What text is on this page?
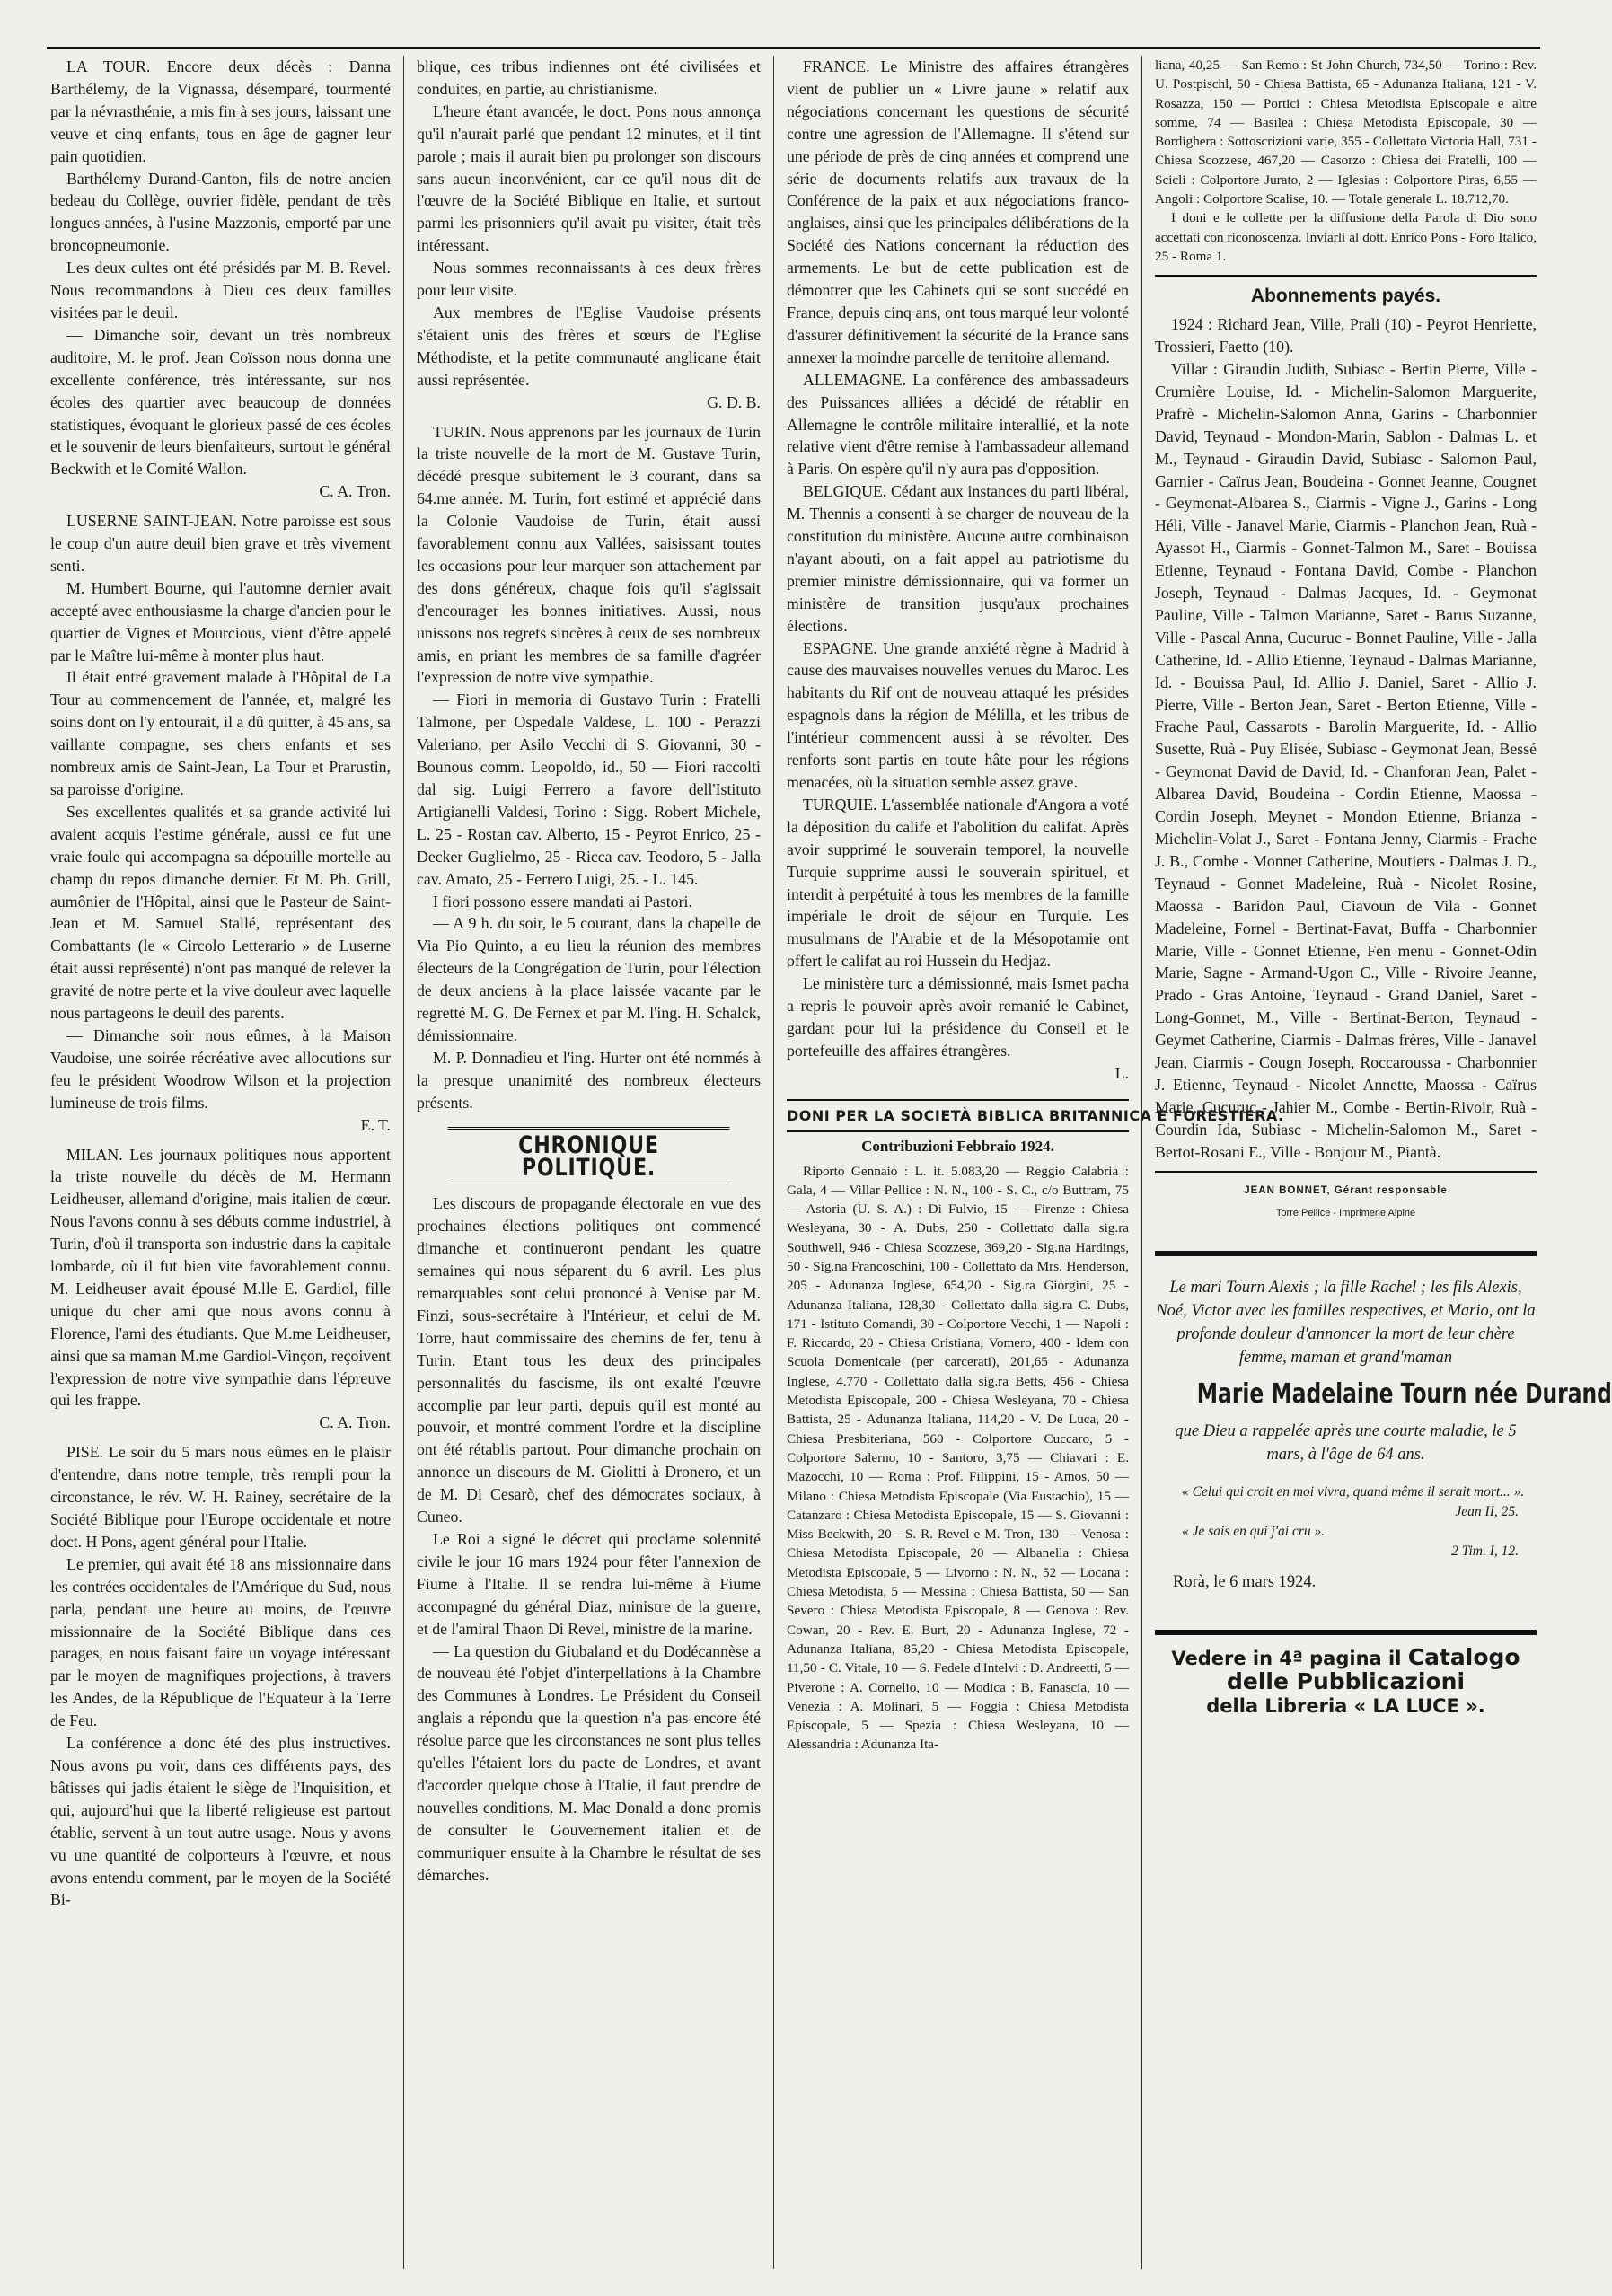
LA TOUR. Encore deux décès : Danna Barthélemy, de la Vignassa, désemparé, tourmenté par la névrasthénie, a mis fin à ses jours, laissant une veuve et cinq enfants, tous en âge de gagner leur pain quotidien.

Barthélemy Durand-Canton, fils de notre ancien bedeau du Collège, ouvrier fidèle, pendant de très longues années, à l'usine Mazzonis, emporté par une broncopneumonie.

Les deux cultes ont été présidés par M. B. Revel. Nous recommandons à Dieu ces deux familles visitées par le deuil.

— Dimanche soir, devant un très nombreux auditoire, M. le prof. Jean Coïsson nous donna une excellente conférence, très intéressante, sur nos écoles des quartier avec beaucoup de données statistiques, évoquant le glorieux passé de ces écoles et le souvenir de leurs bienfaiteurs, surtout le général Beckwith et le Comité Wallon.

C. A. Tron.

LUSERNE SAINT-JEAN. Notre paroisse est sous le coup d'un autre deuil bien grave et très vivement senti.

M. Humbert Bourne, qui l'automne dernier avait accepté avec enthousiasme la charge d'ancien pour le quartier de Vignes et Mourcious, vient d'être appelé par le Maître lui-même à monter plus haut.

Il était entré gravement malade à l'Hôpital de La Tour au commencement de l'année, et, malgré les soins dont on l'y entourait, il a dû quitter, à 45 ans, sa vaillante compagne, ses chers enfants et ses nombreux amis de Saint-Jean, La Tour et Prarustin, sa paroisse d'origine.

Ses excellentes qualités et sa grande activité lui avaient acquis l'estime générale, aussi ce fut une vraie foule qui accompagna sa dépouille mortelle au champ du repos dimanche dernier. Et M. Ph. Grill, aumônier de l'Hôpital, ainsi que le Pasteur de Saint-Jean et M. Samuel Stallé, représentant des Combattants (le « Circolo Letterario » de Luserne était aussi représenté) n'ont pas manqué de relever la gravité de notre perte et la vive douleur avec laquelle nous partageons le deuil des parents.

— Dimanche soir nous eûmes, à la Maison Vaudoise, une soirée récréative avec allocutions sur feu le président Woodrow Wilson et la projection lumineuse de trois films.

E. T.

MILAN. Les journaux politiques nous apportent la triste nouvelle du décès de M. Hermann Leidheuser, allemand d'origine, mais italien de cœur. Nous l'avons connu à ses débuts comme industriel, à Turin, d'où il transporta son industrie dans la capitale lombarde, où il fut bien vite favorablement connu. M. Leidheuser avait épousé M.lle E. Gardiol, fille unique du cher ami que nous avons connu à Florence, l'ami des étudiants. Que M.me Leidheuser, ainsi que sa maman M.me Gardiol-Vinçon, reçoivent l'expression de notre vive sympathie dans l'épreuve qui les frappe.

C. A. Tron.

PISE. Le soir du 5 mars nous eûmes en le plaisir d'entendre, dans notre temple, très rempli pour la circonstance, le rév. W. H. Rainey, secrétaire de la Société Biblique pour l'Europe occidentale et notre doct. H Pons, agent général pour l'Italie.

Le premier, qui avait été 18 ans missionnaire dans les contrées occidentales de l'Amérique du Sud, nous parla, pendant une heure au moins, de l'œuvre missionnaire de la Société Biblique dans ces parages, en nous faisant faire un voyage intéressant par le moyen de magnifiques projections, à travers les Andes, de la République de l'Equateur à la Terre de Feu.

La conférence a donc été des plus instructives. Nous avons pu voir, dans ces différents pays, des bâtisses qui jadis étaient le siège de l'Inquisition, et qui, aujourd'hui que la liberté religieuse est partout établie, servent à un tout autre usage. Nous y avons vu une quantité de colporteurs à l'œuvre, et nous avons entendu comment, par le moyen de la Société Bi-

blique, ces tribus indiennes ont été civilisées et conduites, en partie, au christianisme.

L'heure étant avancée, le doct. Pons nous annonça qu'il n'aurait parlé que pendant 12 minutes, et il tint parole ; mais il aurait bien pu prolonger son discours sans aucun inconvénient, car ce qu'il nous dit de l'œuvre de la Société Biblique en Italie, et surtout parmi les prisonniers qu'il avait pu visiter, était très intéressant.

Nous sommes reconnaissants à ces deux frères pour leur visite.

Aux membres de l'Eglise Vaudoise présents s'étaient unis des frères et sœurs de l'Eglise Méthodiste, et la petite communauté anglicane était aussi représentée.

G. D. B.

TURIN. Nous apprenons par les journaux de Turin la triste nouvelle de la mort de M. Gustave Turin, décédé presque subitement le 3 courant, dans sa 64.me année. M. Turin, fort estimé et apprécié dans la Colonie Vaudoise de Turin, était aussi favorablement connu aux Vallées, saisissant toutes les occasions pour leur marquer son attachement par des dons généreux, chaque fois qu'il s'agissait d'encourager les bonnes initiatives. Aussi, nous unissons nos regrets sincères à ceux de ses nombreux amis, en priant les membres de sa famille d'agréer l'expression de notre vive sympathie.

— Fiori in memoria di Gustavo Turin : Fratelli Talmone, per Ospedale Valdese, L. 100 - Perazzi Valeriano, per Asilo Vecchi di S. Giovanni, 30 - Bounous comm. Leopoldo, id., 50 — Fiori raccolti dal sig. Luigi Ferrero a favore dell'Istituto Artigianelli Valdesi, Torino : Sigg. Robert Michele, L. 25 - Rostan cav. Alberto, 15 - Peyrot Enrico, 25 - Decker Guglielmo, 25 - Ricca cav. Teodoro, 5 - Jalla cav. Amato, 25 - Ferrero Luigi, 25. - L. 145.

I fiori possono essere mandati ai Pastori.

— A 9 h. du soir, le 5 courant, dans la chapelle de Via Pio Quinto, a eu lieu la réunion des membres électeurs de la Congrégation de Turin, pour l'élection de deux anciens à la place laissée vacante par le regretté M. G. De Fernex et par M. l'ing. H. Schalck, démissionnaire.

M. P. Donnadieu et l'ing. Hurter ont été nommés à la presque unanimité des nombreux électeurs présents.

CHRONIQUE POLITIQUE.

Les discours de propagande électorale en vue des prochaines élections politiques ont commencé dimanche et continueront pendant les quatre semaines qui nous séparent du 6 avril. Les plus remarquables sont celui prononcé à Venise par M. Finzi, sous-secrétaire à l'Intérieur, et celui de M. Torre, haut commissaire des chemins de fer, tenu à Turin. Etant tous les deux des principales personnalités du fascisme, ils ont exalté l'œuvre accomplie par leur parti, depuis qu'il est monté au pouvoir, et montré comment l'ordre et la discipline ont été rétablis partout. Pour dimanche prochain on annonce un discours de M. Giolitti à Dronero, et un de M. Di Cesarò, chef des démocrates sociaux, à Cuneo.

Le Roi a signé le décret qui proclame solennité civile le jour 16 mars 1924 pour fêter l'annexion de Fiume à l'Italie. Il se rendra lui-même à Fiume accompagné du général Diaz, ministre de la guerre, et de l'amiral Thaon Di Revel, ministre de la marine.

— La question du Giubaland et du Dodécannèse a de nouveau été l'objet d'interpellations à la Chambre des Communes à Londres. Le Président du Conseil anglais a répondu que la question n'a pas encore été résolue parce que les circonstances ne sont plus telles qu'elles l'étaient lors du pacte de Londres, et avant d'accorder quelque chose à l'Italie, il faut prendre de nouvelles conditions. M. Mac Donald a donc promis de consulter le Gouvernement italien et de communiquer ensuite à la Chambre le résultat de ses démarches.

FRANCE. Le Ministre des affaires étrangères vient de publier un « Livre jaune » relatif aux négociations concernant les questions de sécurité contre une agression de l'Allemagne. Il s'étend sur une période de près de cinq années et comprend une série de documents relatifs aux travaux de la Conférence de la paix et aux négociations franco-anglaises, ainsi que les principales délibérations de la Société des Nations concernant la réduction des armements. Le but de cette publication est de démontrer que les Cabinets qui se sont succédé en France, depuis cinq ans, ont tous marqué leur volonté d'assurer définitivement la sécurité de la France sans annexer la moindre parcelle de territoire allemand.

ALLEMAGNE. La conférence des ambassadeurs des Puissances alliées a décidé de rétablir en Allemagne le contrôle militaire interallié, et la note relative vient d'être remise à l'ambassadeur allemand à Paris. On espère qu'il n'y aura pas d'opposition.

BELGIQUE. Cédant aux instances du parti libéral, M. Thennis a consenti à se charger de nouveau de la constitution du ministère. Aucune autre combinaison n'ayant abouti, on a fait appel au patriotisme du premier ministre démissionnaire, qui va former un ministère de transition jusqu'aux prochaines élections.

ESPAGNE. Une grande anxiété règne à Madrid à cause des mauvaises nouvelles venues du Maroc. Les habitants du Rif ont de nouveau attaqué les présides espagnols dans la région de Mélilla, et les tribus de l'intérieur commencent aussi à se révolter. Des renforts sont partis en toute hâte pour les régions menacées, où la situation semble assez grave.

TURQUIE. L'assemblée nationale d'Angora a voté la déposition du calife et l'abolition du califat. Après avoir supprimé le souverain temporel, la nouvelle Turquie supprime aussi le souverain spirituel, et interdit à perpétuité à tous les membres de la famille impériale le droit de séjour en Turquie. Les musulmans de l'Arabie et de la Mésopotamie ont offert le califat au roi Hussein du Hedjaz.

Le ministère turc a démissionné, mais Ismet pacha a repris le pouvoir après avoir remanié le Cabinet, gardant pour lui la présidence du Conseil et le portefeuille des affaires étrangères.

L.

DONI PER LA SOCIETÀ BIBLICA BRITANNICA E FORESTIERA.

Contribuzioni Febbraio 1924.

Riporto Gennaio : L. it. 5.083,20 — Reggio Calabria : Gala, 4 — Villar Pellice : N. N., 100 - S. C., c/o Buttram, 75 — Astoria (U. S. A.) : Di Fulvio, 15 — Firenze : Chiesa Wesleyana, 30 - A. Dubs, 250 - Collettato dalla sig.ra Southwell, 946 - Chiesa Scozzese, 369,20 - Sig.na Hardings, 50 - Sig.na Francoschini, 100 - Collettato da Mrs. Henderson, 205 - Adunanza Inglese, 654,20 - Sig.ra Giorgini, 25 - Adunanza Italiana, 128,30 - Collettato dalla sig.ra C. Dubs, 171 - Istituto Comandi, 30 - Colportore Vecchi, 1 — Napoli : F. Riccardo, 20 - Chiesa Cristiana, Vomero, 400 - Idem con Scuola Domenicale (per carcerati), 201,65 - Adunanza Inglese, 4.770 - Collettato dalla sig.ra Betts, 456 - Chiesa Metodista Episcopale, 200 - Chiesa Wesleyana, 70 - Chiesa Battista, 25 - Adunanza Italiana, 114,20 - V. De Luca, 20 - Chiesa Presbiteriana, 560 - Colportore Cuccaro, 5 - Colportore Salerno, 10 - Santoro, 3,75 — Chiavari : E. Mazocchi, 10 — Roma : Prof. Filippini, 15 - Amos, 50 — Milano : Chiesa Metodista Episcopale (Via Eustachio), 15 — Catanzaro : Chiesa Metodista Episcopale, 15 — S. Giovanni : Miss Beckwith, 20 - S. R. Revel e M. Tron, 130 — Venosa : Chiesa Metodista Episcopale, 20 — Albanella : Chiesa Metodista Episcopale, 5 — Livorno : N. N., 52 — Locana : Chiesa Metodista, 5 — Messina : Chiesa Battista, 50 — San Severo : Chiesa Metodista Episcopale, 8 — Genova : Rev. Cowan, 20 - Rev. E. Burt, 20 - Adunanza Inglese, 72 - Adunanza Italiana, 85,20 - Chiesa Metodista Episcopale, 11,50 - C. Vitale, 10 — S. Fedele d'Intelvi : D. Andreetti, 5 — Piverone : A. Cornelio, 10 — Modica : B. Fanascia, 10 — Venezia : A. Molinari, 5 — Foggia : Chiesa Metodista Episcopale, 5 — Spezia : Chiesa Wesleyana, 10 — Alessandria : Adunanza Ita-

liana, 40,25 — San Remo : St-John Church, 734,50 — Torino : Rev. U. Postpischl, 50 - Chiesa Battista, 65 - Adunanza Italiana, 121 - V. Rosazza, 150 — Portici : Chiesa Metodista Episcopale e altre somme, 74 — Basilea : Chiesa Metodista Episcopale, 30 — Bordighera : Sottoscrizioni varie, 355 - Collettato Victoria Hall, 731 - Chiesa Scozzese, 467,20 — Casorzo : Chiesa dei Fratelli, 100 — Scicli : Colportore Jurato, 2 — Iglesias : Colportore Piras, 6,55 — Angoli : Colportore Scalise, 10. — Totale generale L. 18.712,70.

I doni e le collette per la diffusione della Parola di Dio sono accettati con riconoscenza. Inviarli al dott. Enrico Pons - Foro Italico, 25 - Roma 1.

Abonnements payés.

1924 : Richard Jean, Ville, Prali (10) - Peyrot Henriette, Trossieri, Faetto (10).

Villar : Giraudin Judith, Subiasc - Bertin Pierre, Ville - Crumière Louise, Id. - Michelin-Salomon Marguerite, Prafrè - Michelin-Salomon Anna, Garins - Charbonnier David, Teynaud - Mondon-Marin, Sablon - Dalmas L. et M., Teynaud - Giraudin David, Subiasc - Salomon Paul, Garnier - Caïrus Jean, Boudeina - Gonnet Jeanne, Cougnet - Geymonat-Albarea S., Ciarmis - Vigne J., Garins - Long Héli, Ville - Janavel Marie, Ciarmis - Planchon Jean, Ruà - Ayassot H., Ciarmis - Gonnet-Talmon M., Saret - Bouissa Etienne, Teynaud - Fontana David, Combe - Planchon Joseph, Teynaud - Dalmas Jacques, Id. - Geymonat Pauline, Ville - Talmon Marianne, Saret - Barus Suzanne, Ville - Pascal Anna, Cucuruc - Bonnet Pauline, Ville - Jalla Catherine, Id. - Allio Etienne, Teynaud - Dalmas Marianne, Id. - Bouissa Paul, Id. Allio J. Daniel, Saret - Allio J. Pierre, Ville - Berton Jean, Saret - Berton Etienne, Ville - Frache Paul, Cassarots - Barolin Marguerite, Id. - Allio Susette, Ruà - Puy Elisée, Subiasc - Geymonat Jean, Bessé - Geymonat David de David, Id. - Chanforan Jean, Palet - Albarea David, Boudeina - Cordin Etienne, Maossa - Cordin Joseph, Meynet - Mondon Etienne, Brianza - Michelin-Volat J., Saret - Fontana Jenny, Ciarmis - Frache J. B., Combe - Monnet Catherine, Moutiers - Dalmas J. D., Teynaud - Gonnet Madeleine, Ruà - Nicolet Rosine, Maossa - Baridon Paul, Ciavoun de Vila - Gonnet Madeleine, Fornel - Bertinat-Favat, Buffa - Charbonnier Marie, Ville - Gonnet Etienne, Fen menu - Gonnet-Odin Marie, Sagne - Armand-Ugon C., Ville - Rivoire Jeanne, Prado - Gras Antoine, Teynaud - Grand Daniel, Saret - Long-Gonnet, M., Ville - Bertinat-Berton, Teynaud - Geymet Catherine, Ciarmis - Dalmas frères, Ville - Janavel Jean, Ciarmis - Cougn Joseph, Roccaroussa - Charbonnier J. Etienne, Teynaud - Nicolet Annette, Maossa - Caïrus Marie, Cucuruc - Jahier M., Combe - Bertin-Rivoir, Ruà - Courdin Ida, Subiasc - Michelin-Salomon M., Saret - Bertot-Rosani E., Ville - Bonjour M., Piantà.

JEAN BONNET, Gérant responsable
Torre Pellice - Imprimerie Alpine

Le mari Tourn Alexis ; la fille Rachel ; les fils Alexis, Noé, Victor avec les familles respectives, et Mario, ont la profonde douleur d'annoncer la mort de leur chère femme, maman et grand'maman

Marie Madelaine Tourn née Durand

que Dieu a rappelée après une courte maladie, le 5 mars, à l'âge de 64 ans.

« Celui qui croit en moi vivra, quand même il serait mort... ».
Jean II, 25.
« Je sais en qui j'ai cru ».
2 Tim. I, 12.
Rorà, le 6 mars 1924.
Vedere in 4ª pagina il Catalogo delle Pubblicazioni
della Libreria « LA LUCE ».
